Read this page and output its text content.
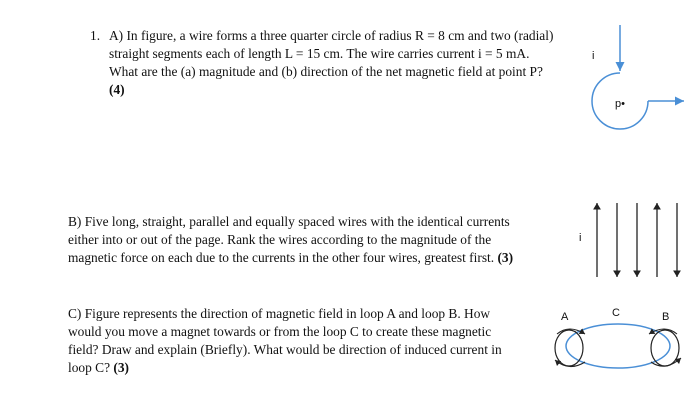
1. A) In figure, a wire forms a three quarter circle of radius R = 8 cm and two (radial)
straight segments each of length L = 15 cm. The wire carries current i = 5 mA.
What are the (a) magnitude and (b) direction of the net magnetic field at point P?
(4)
i
p•
B) Five long, straight, parallel and equally spaced wires with the identical currents
either into or out of the page. Rank the wires according to the magnitude of the
magnetic force on each due to the currents in the other four wires, greatest first. (3)
i
C) Figure represents the direction of magnetic field in loop A and loop B. How
would you move a magnet towards or from the loop C to create these magnetic
field? Draw and explain (Briefly). What would be direction of induced current in
loop C? (3)
A	C	B
